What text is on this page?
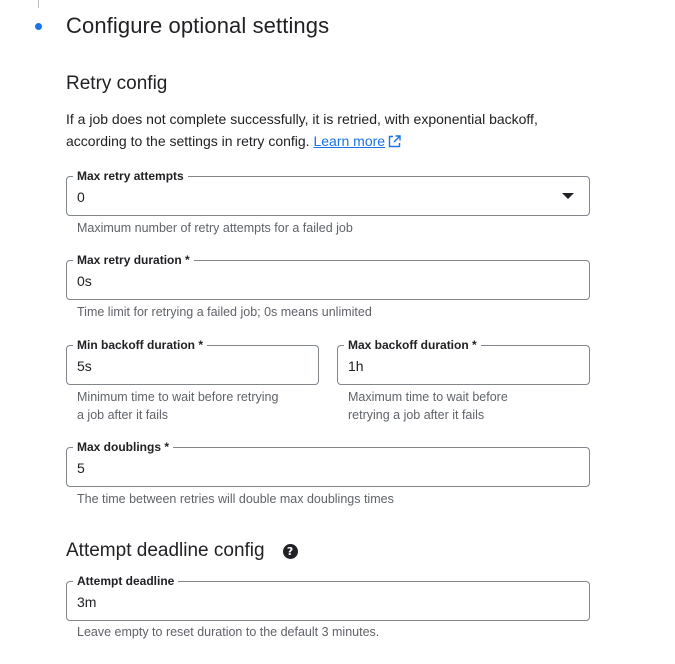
Configure optional settings
Retry config

If a job does not complete successfully, it is retried, with exponential backoff, according to the settings in retry config. Learn more

Max retry attempts
0
Maximum number of retry attempts for a failed job
Max retry duration *
0s
Time limit for retrying a failed job; 0s means unlimited
Min backoff duration *
5s
Minimum time to wait before retrying
a job after it fails
Max backoff duration *
1h
Maximum time to wait before
retrying a job after it fails
Max doublings *
5
The time between retries will double max doublings times
Attempt deadline config	?
Attempt deadline
3m
Leave empty to reset duration to the default 3 minutes.
